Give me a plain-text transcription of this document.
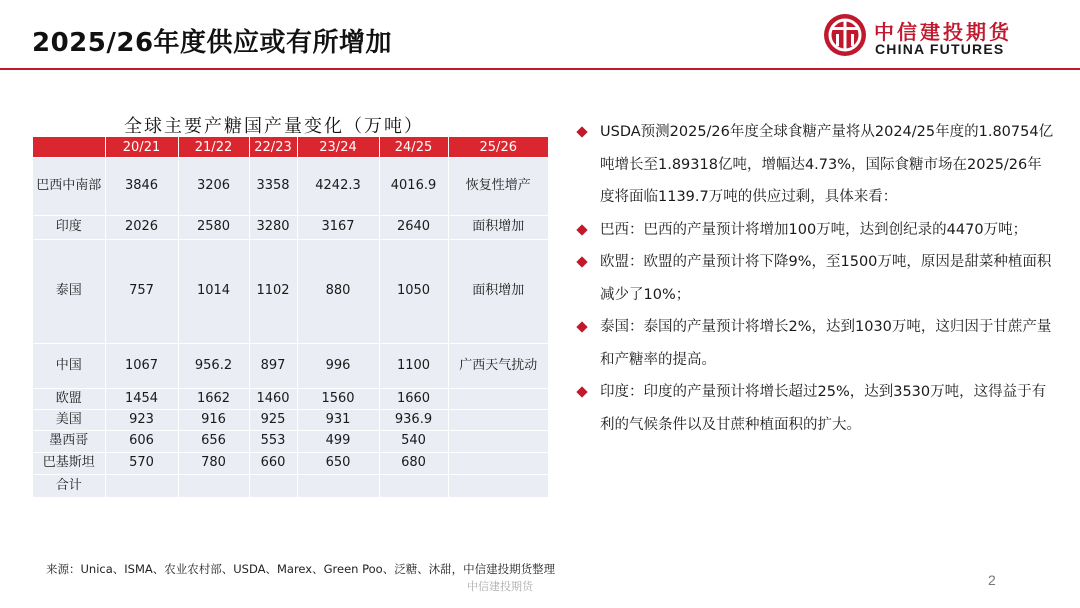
2025/26年度供应或有所增加	中信建投期货
CHINA FUTURES
全球主要产糖国产量变化（万吨）
	20/21	21/22	22/23	23/24	24/25	25/26
巴西中南部	3846	3206	3358	4242.3	4016.9	恢复性增产
印度	2026	2580	3280	3167	2640	面积增加
泰国	757	1014	1102	880	1050	面积增加
中国	1067	956.2	897	996	1100	广西天气扰动
欧盟	1454	1662	1460	1560	1660	
美国	923	916	925	931	936.9	
墨西哥	606	656	553	499	540	
巴基斯坦	570	780	660	650	680	
合计						

USDA预测2025/26年度全球食糖产量将从2024/25年度的1.80754亿吨增长至1.89318亿吨，增幅达4.73%，国际食糖市场在2025/26年度将面临1139.7万吨的供应过剩，具体来看：

巴西：巴西的产量预计将增加100万吨，达到创纪录的4470万吨；

欧盟：欧盟的产量预计将下降9%，至1500万吨，原因是甜菜种植面积减少了10%；

泰国：泰国的产量预计将增长2%，达到1030万吨，这归因于甘蔗产量和产糖率的提高。

印度：印度的产量预计将增长超过25%，达到3530万吨，这得益于有利的气候条件以及甘蔗种植面积的扩大。

来源：Unica、ISMA、农业农村部、USDA、Marex、Green Poo、泛糖、沐甜，中信建投期货整理
2
中信建投期货
